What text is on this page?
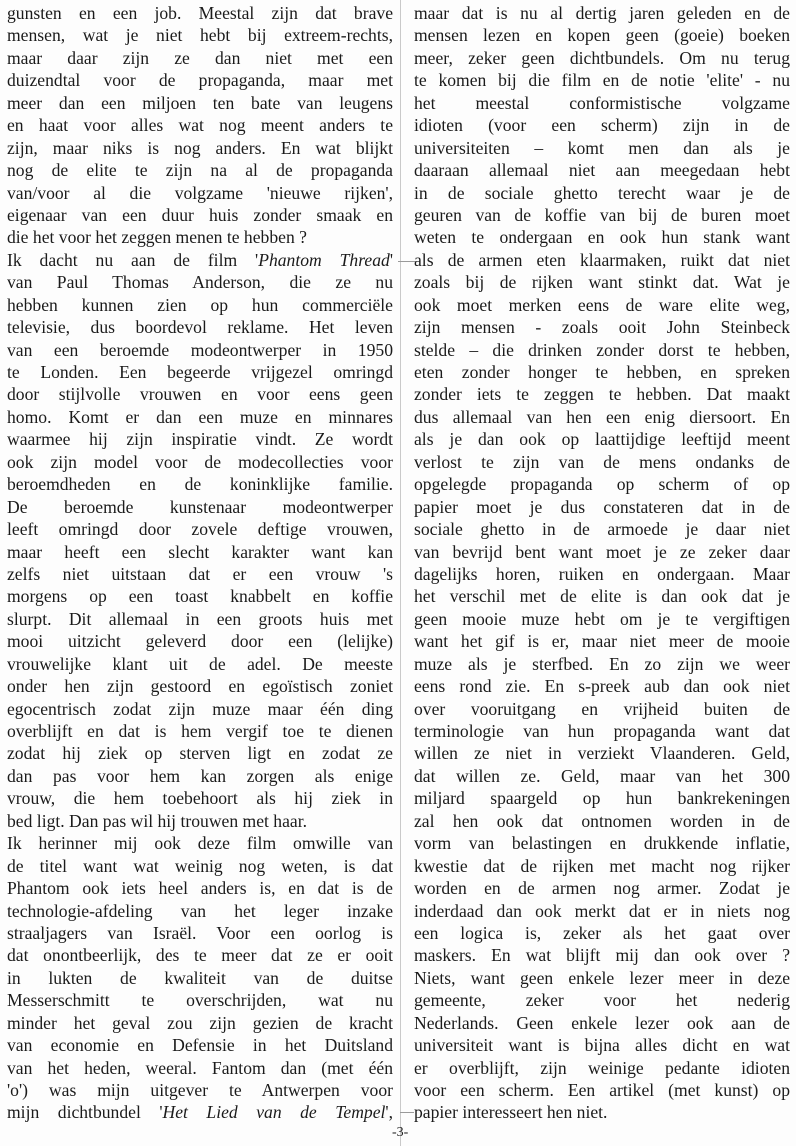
gunsten en een job. Meestal zijn dat brave
mensen, wat je niet hebt bij extreem-rechts,
maar daar zijn ze dan niet met een
duizendtal voor de propaganda, maar met
meer dan een miljoen ten bate van leugens
en haat voor alles wat nog meent anders te
zijn, maar niks is nog anders. En wat blijkt
nog de elite te zijn na al de propaganda
van/voor al die volgzame 'nieuwe rijken',
eigenaar van een duur huis zonder smaak en
die het voor het zeggen menen te hebben ?
Ik dacht nu aan de film 'Phantom Thread'
van Paul Thomas Anderson, die ze nu
hebben kunnen zien op hun commerciële
televisie, dus boordevol reklame. Het leven
van een beroemde modeontwerper in 1950
te Londen. Een begeerde vrijgezel omringd
door stijlvolle vrouwen en voor eens geen
homo. Komt er dan een muze en minnares
waarmee hij zijn inspiratie vindt. Ze wordt
ook zijn model voor de modecollecties voor
beroemdheden en de koninklijke familie.
De beroemde kunstenaar modeontwerper
leeft omringd door zovele deftige vrouwen,
maar heeft een slecht karakter want kan
zelfs niet uitstaan dat er een vrouw 's
morgens op een toast knabbelt en koffie
slurpt. Dit allemaal in een groots huis met
mooi uitzicht geleverd door een (lelijke)
vrouwelijke klant uit de adel. De meeste
onder hen zijn gestoord en egoïstisch zoniet
egocentrisch zodat zijn muze maar één ding
overblijft en dat is hem vergif toe te dienen
zodat hij ziek op sterven ligt en zodat ze
dan pas voor hem kan zorgen als enige
vrouw, die hem toebehoort als hij ziek in
bed ligt. Dan pas wil hij trouwen met haar.
Ik herinner mij ook deze film omwille van
de titel want wat weinig nog weten, is dat
Phantom ook iets heel anders is, en dat is de
technologie-afdeling van het leger inzake
straaljagers van Israël. Voor een oorlog is
dat onontbeerlijk, des te meer dat ze er ooit
in lukten de kwaliteit van de duitse
Messerschmitt te overschrijden, wat nu
minder het geval zou zijn gezien de kracht
van economie en Defensie in het Duitsland
van het heden, weeral. Fantom dan (met één
'o') was mijn uitgever te Antwerpen voor
mijn dichtbundel 'Het Lied van de Tempel',
maar dat is nu al dertig jaren geleden en de
mensen lezen en kopen geen (goeie) boeken
meer, zeker geen dichtbundels. Om nu terug
te komen bij die film en de notie 'elite' - nu
het meestal conformistische volgzame
idioten (voor een scherm) zijn in de
universiteiten – komt men dan als je
daaraan allemaal niet aan meegedaan hebt
in de sociale ghetto terecht waar je de
geuren van de koffie van bij de buren moet
weten te ondergaan en ook hun stank want
als de armen eten klaarmaken, ruikt dat niet
zoals bij de rijken want stinkt dat. Wat je
ook moet merken eens de ware elite weg,
zijn mensen - zoals ooit John Steinbeck
stelde – die drinken zonder dorst te hebben,
eten zonder honger te hebben, en spreken
zonder iets te zeggen te hebben. Dat maakt
dus allemaal van hen een enig diersoort. En
als je dan ook op laattijdige leeftijd meent
verlost te zijn van de mens ondanks de
opgelegde propaganda op scherm of op
papier moet je dus constateren dat in de
sociale ghetto in de armoede je daar niet
van bevrijd bent want moet je ze zeker daar
dagelijks horen, ruiken en ondergaan. Maar
het verschil met de elite is dan ook dat je
geen mooie muze hebt om je te vergiftigen
want het gif is er, maar niet meer de mooie
muze als je sterfbed. En zo zijn we weer
eens rond zie. En s-preek aub dan ook niet
over vooruitgang en vrijheid buiten de
terminologie van hun propaganda want dat
willen ze niet in verziekt Vlaanderen. Geld,
dat willen ze. Geld, maar van het 300
miljard spaargeld op hun bankrekeningen
zal hen ook dat ontnomen worden in de
vorm van belastingen en drukkende inflatie,
kwestie dat de rijken met macht nog rijker
worden en de armen nog armer. Zodat je
inderdaad dan ook merkt dat er in niets nog
een logica is, zeker als het gaat over
maskers. En wat blijft mij dan ook over ?
Niets, want geen enkele lezer meer in deze
gemeente, zeker voor het nederig
Nederlands. Geen enkele lezer ook aan de
universiteit want is bijna alles dicht en wat
er overblijft, zijn weinige pedante idioten
voor een scherm. Een artikel (met kunst) op
papier interesseert hen niet.
-3-
